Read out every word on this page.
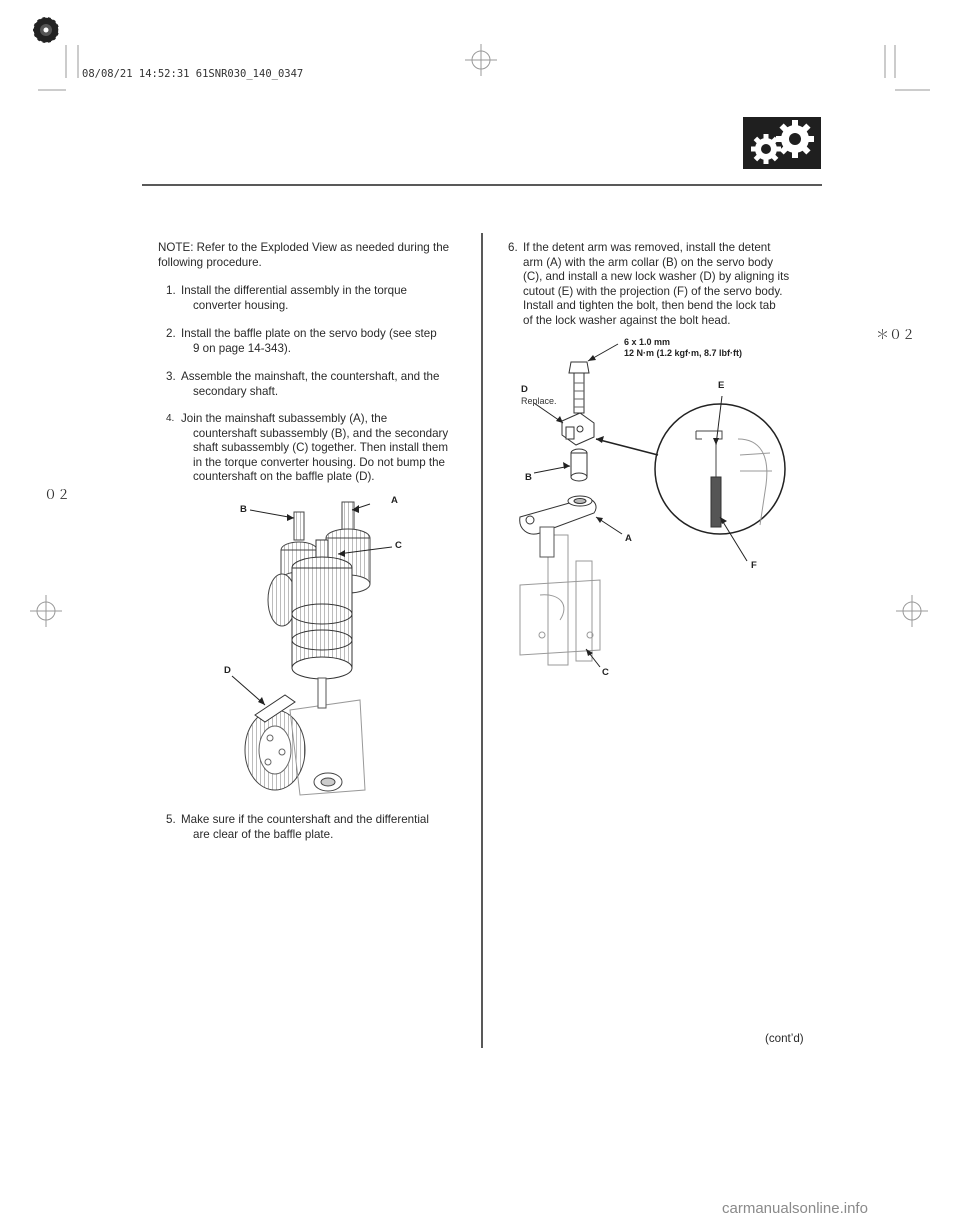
08/08/21 14:52:31 61SNR030_140_0347
＊０２
０２
carmanualsonline.info
NOTE: Refer to the Exploded View as needed during the
following procedure.
1. Install the differential assembly in the torque
converter housing.
2. Install the baffle plate on the servo body (see step
9 on page 14-343).
3. Assemble the mainshaft, the countershaft, and the
secondary shaft.
4. Join the mainshaft subassembly (A), the
countershaft subassembly (B), and the secondary
shaft subassembly (C) together. Then install them
in the torque converter housing. Do not bump the
countershaft on the baffle plate (D).
5. Make sure if the countershaft and the differential
are clear of the baffle plate.
B
A
C
D
6. If the detent arm was removed, install the detent
arm (A) with the arm collar (B) on the servo body
(C), and install a new lock washer (D) by aligning its
cutout (E) with the projection (F) of the servo body.
Install and tighten the bolt, then bend the lock tab
of the lock washer against the bolt head.
6 x 1.0 mm
12 N·m (1.2 kgf·m, 8.7 lbf·ft)
D
Replace.
E
B
A
F
C
(cont’d)
